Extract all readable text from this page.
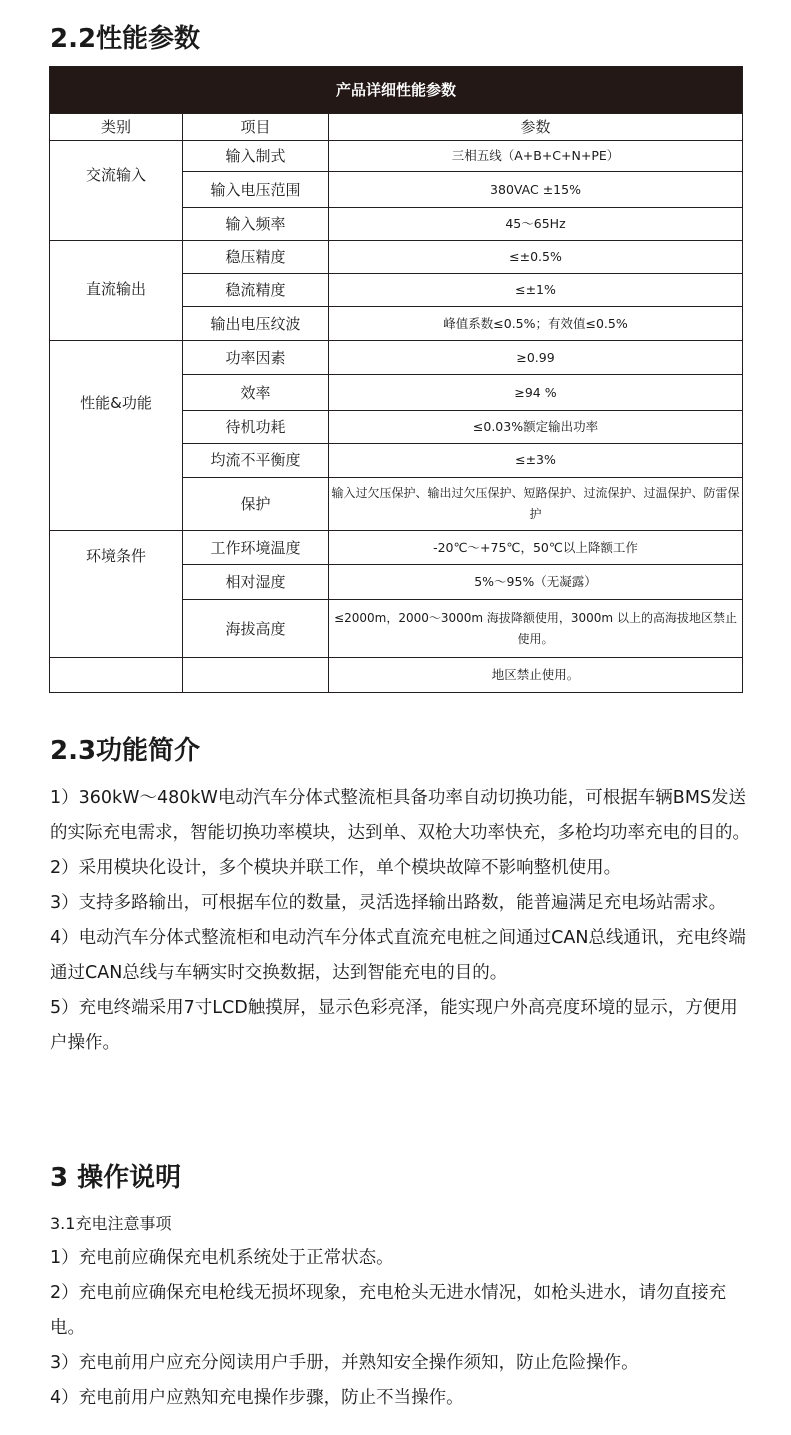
2.2性能参数
产品详细性能参数		
类别	项目	参数
交流输入	输入制式	三相五线（A+B+C+N+PE）
	输入电压范围	380VAC ±15%
	输入频率	45～65Hz
直流输出	稳压精度	≤±0.5%
	稳流精度	≤±1%
	输出电压纹波	峰值系数≤0.5%；有效值≤0.5%
性能&功能	功率因素	≥0.99
	效率	≥94 %
	待机功耗	≤0.03%额定输出功率
	均流不平衡度	≤±3%
	保护	输入过欠压保护、输出过欠压保护、短路保护、过流保护、过温保护、防雷保护
环境条件	工作环境温度	-20℃～+75℃，50℃以上降额工作
	相对湿度	5%～95%（无凝露）
	海拔高度	≤2000m，2000～3000m 海拔降额使用，3000m 以上的高海拔地区禁止使用。
		地区禁止使用。
2.3功能简介

1）360kW～480kW电动汽车分体式整流柜具备功率自动切换功能，可根据车辆BMS发送的实际充电需求，智能切换功率模块，达到单、双枪大功率快充，多枪均功率充电的目的。

2）采用模块化设计，多个模块并联工作，单个模块故障不影响整机使用。

3）支持多路输出，可根据车位的数量，灵活选择输出路数，能普遍满足充电场站需求。

4）电动汽车分体式整流柜和电动汽车分体式直流充电桩之间通过CAN总线通讯，充电终端通过CAN总线与车辆实时交换数据，达到智能充电的目的。

5）充电终端采用7寸LCD触摸屏，显示色彩亮泽，能实现户外高亮度环境的显示，方便用户操作。

3 操作说明

3.1充电注意事项

1）充电前应确保充电机系统处于正常状态。

2）充电前应确保充电枪线无损坏现象，充电枪头无进水情况，如枪头进水，请勿直接充电。

3）充电前用户应充分阅读用户手册，并熟知安全操作须知，防止危险操作。

4）充电前用户应熟知充电操作步骤，防止不当操作。
